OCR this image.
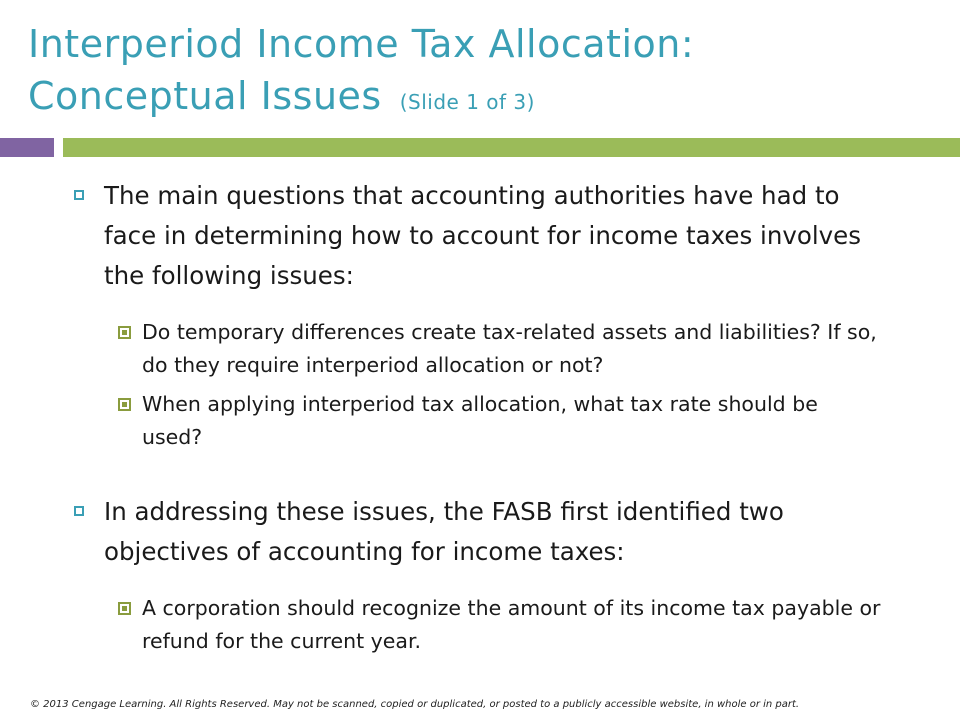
Interperiod Income Tax Allocation:
Conceptual Issues (Slide 1 of 3)
The main questions that accounting authorities have had to face in determining how to account for income taxes involves the following issues:
Do temporary differences create tax-related assets and liabilities? If so, do they require interperiod allocation or not?
When applying interperiod tax allocation, what tax rate should be used?
In addressing these issues, the FASB first identified two objectives of accounting for income taxes:
A corporation should recognize the amount of its income tax payable or refund for the current year.
© 2013 Cengage Learning. All Rights Reserved. May not be scanned, copied or duplicated, or posted to a publicly accessible website, in whole or in part.
